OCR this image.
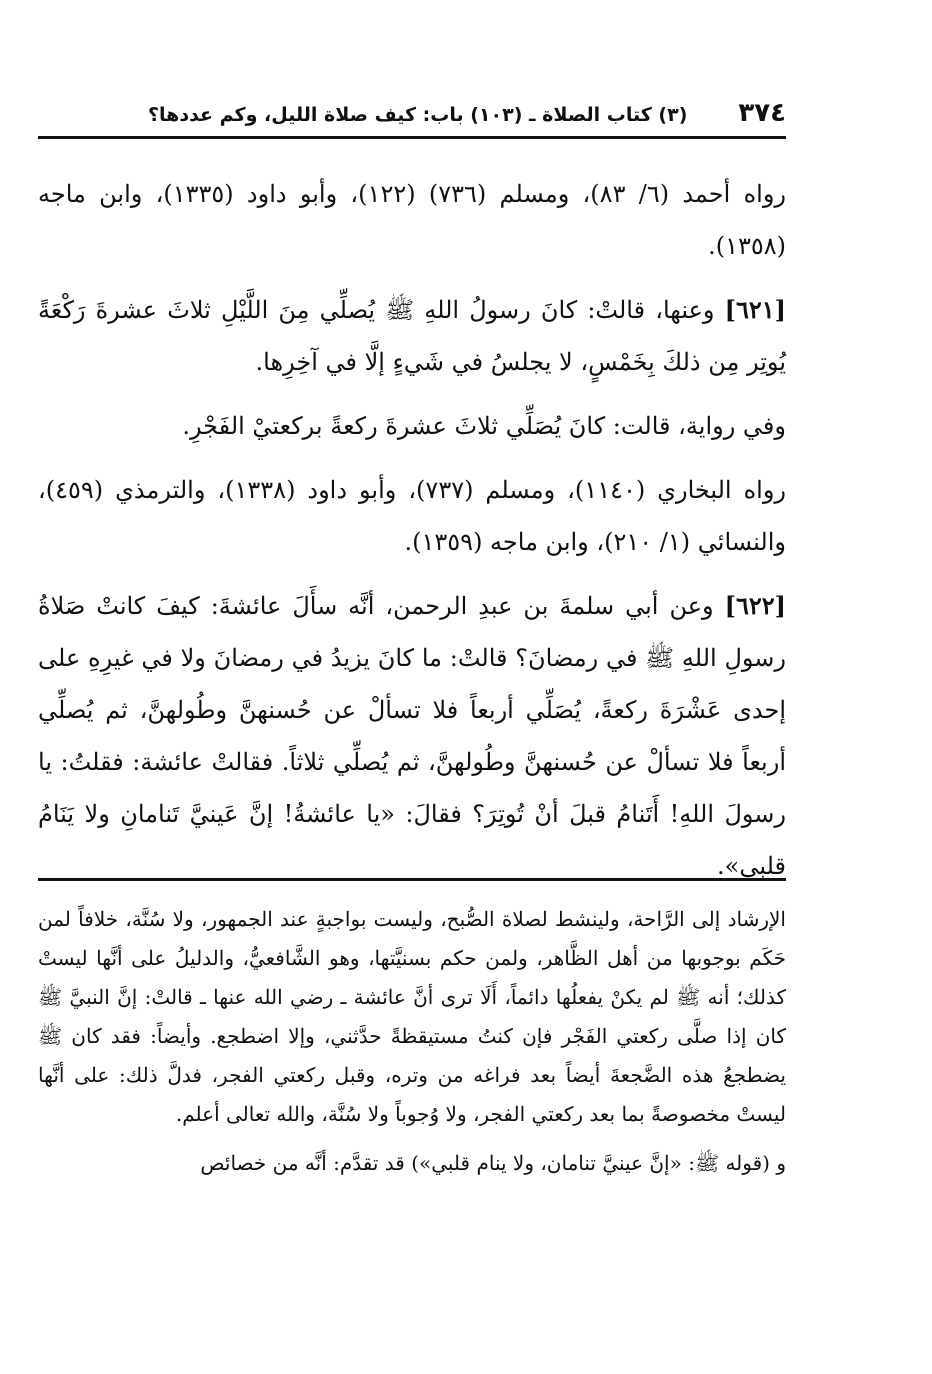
٣٧٤
(٣) كتاب الصلاة ـ (١٠٣) باب: كيف صلاة الليل، وكم عددها؟

رواه أحمد (٦/ ٨٣)، ومسلم (٧٣٦) (١٢٢)، وأبو داود (١٣٣٥)، وابن ماجه (١٣٥٨).

[٦٢١] وعنها، قالتْ: كانَ رسولُ اللهِ ﷺ يُصلِّي مِنَ اللَّيْلِ ثلاثَ عشرةَ رَكْعَةً يُوتِر مِن ذلكَ بِخَمْسٍ، لا يجلسُ في شَيءٍ إلَّا في آخِرِها.

وفي رواية، قالت: كانَ يُصَلِّي ثلاثَ عشرةَ ركعةً بركعتيْ الفَجْرِ.

رواه البخاري (١١٤٠)، ومسلم (٧٣٧)، وأبو داود (١٣٣٨)، والترمذي (٤٥٩)، والنسائي (١/ ٢١٠)، وابن ماجه (١٣٥٩).

[٦٢٢] وعن أبي سلمةَ بن عبدِ الرحمن، أنَّه سأَلَ عائشةَ: كيفَ كانتْ صَلاةُ رسولِ اللهِ ﷺ في رمضانَ؟ قالتْ: ما كانَ يزيدُ في رمضانَ ولا في غيرِهِ على إحدى عَشْرَةَ ركعةً، يُصَلِّي أربعاً فلا تسألْ عن حُسنهنَّ وطُولهنَّ، ثم يُصلِّي أربعاً فلا تسألْ عن حُسنهنَّ وطُولهنَّ، ثم يُصلِّي ثلاثاً. فقالتْ عائشة: فقلتُ: يا رسولَ اللهِ! أَتَنامُ قبلَ أنْ تُوتِرَ؟ فقالَ: «يا عائشةُ! إنَّ عَينيَّ تَنامانِ ولا يَنَامُ قلبي».

الإرشاد إلى الرَّاحة، ولينشط لصلاة الصُّبح، وليست بواجبةٍ عند الجمهور، ولا سُنَّة، خلافاً لمن حَكَم بوجوبها من أهل الظَّاهر، ولمن حكم بسنيَّتها، وهو الشَّافعيُّ، والدليلُ على أنَّها ليستْ كذلك؛ أنه ﷺ لم يكنْ يفعلُها دائماً، أَلَا ترى أنَّ عائشة ـ رضي الله عنها ـ قالتْ: إنَّ النبيَّ ﷺ كان إذا صلَّى ركعتي الفَجْر فإن كنتُ مستيقظةً حدَّثني، وإلا اضطجع. وأيضاً: فقد كان ﷺ يضطجعُ هذه الضَّجعةَ أيضاً بعد فراغه من وتره، وقبل ركعتي الفجر، فدلَّ ذلك: على أنَّها ليستْ مخصوصةً بما بعد ركعتي الفجر، ولا وُجوباً ولا سُنَّة، والله تعالى أعلم.

و (قوله ﷺ: «إنَّ عينيَّ تنامان، ولا ينام قلبي») قد تقدَّم: أنَّه من خصائص
